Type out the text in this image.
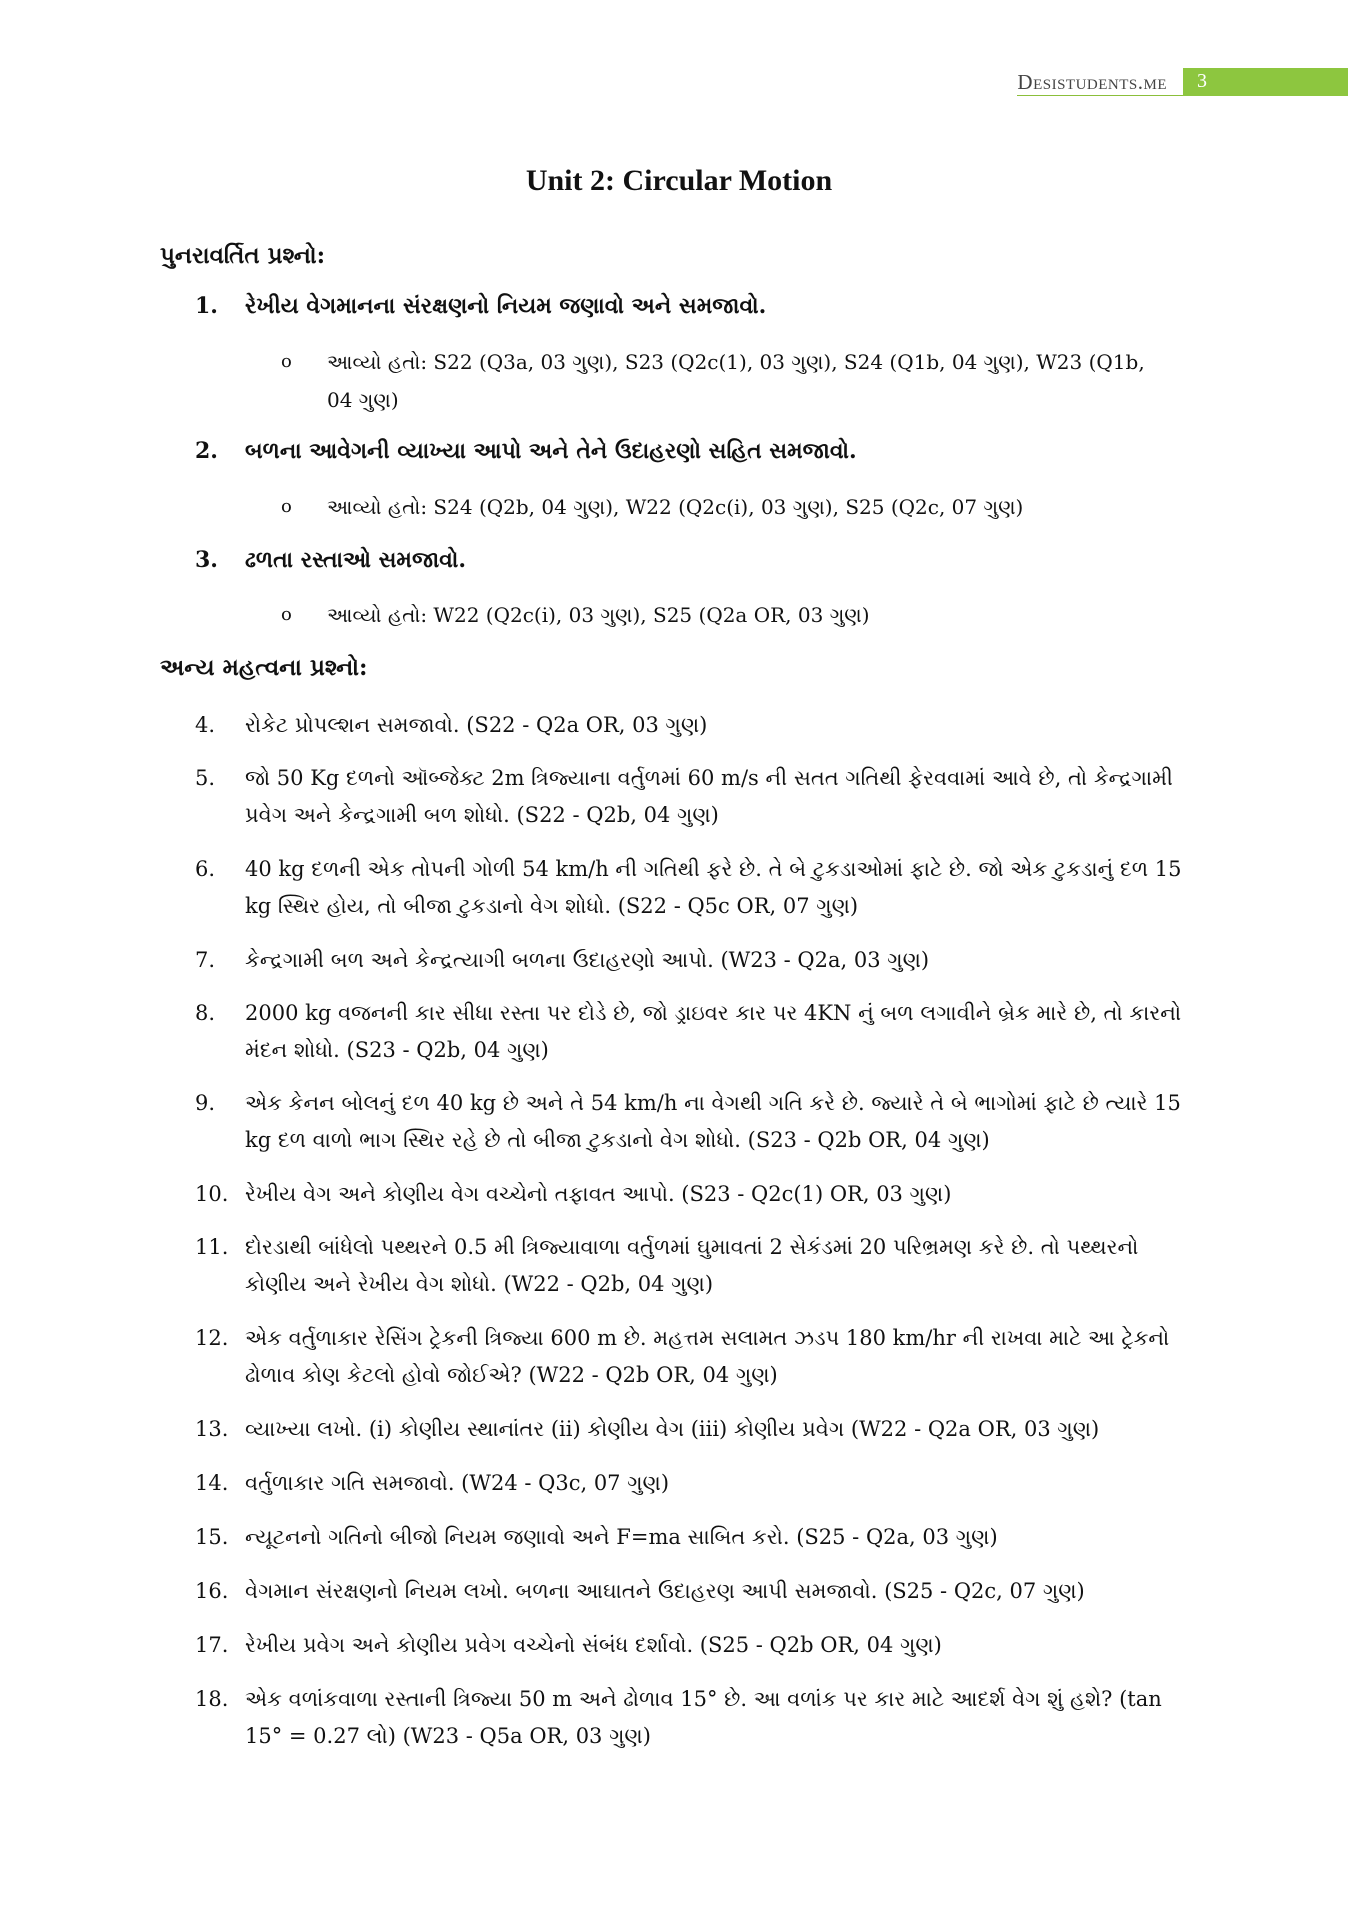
Desistudents.me	3
Unit 2: Circular Motion
પુનરાવર્તિત પ્રશ્નો:
1.	રેખીય વેગમાનના સંરક્ષણનો નિયમ જણાવો અને સમજાવો.
o આવ્યો હતો: S22 (Q3a, 03 ગુણ), S23 (Q2c(1), 03 ગુણ), S24 (Q1b, 04 ગુણ), W23 (Q1b, 04 ગુણ)
2.	બળના આવેગની વ્યાખ્યા આપો અને તેને ઉદાહરણો સહિત સમજાવો.
o આવ્યો હતો: S24 (Q2b, 04 ગુણ), W22 (Q2c(i), 03 ગુણ), S25 (Q2c, 07 ગુણ)
3.	ઢળતા રસ્તાઓ સમજાવો.
o આવ્યો હતો: W22 (Q2c(i), 03 ગુણ), S25 (Q2a OR, 03 ગુણ)
અન્ય મહત્વના પ્રશ્નો:
4.	રોકેટ પ્રોપલ્શન સમજાવો. (S22 - Q2a OR, 03 ગુણ)
5.	જો 50 Kg દળનો ઑબ્જેક્ટ 2m ત્રિજ્યાના વર્તુળમાં 60 m/s ની સતત ગતિથી ફેરવવામાં આવે છે, તો કેન્દ્રગામી પ્રવેગ અને કેન્દ્રગામી બળ શોધો. (S22 - Q2b, 04 ગુણ)
6.	40 kg દળની એક તોપની ગોળી 54 km/h ની ગતિથી ફરે છે. તે બે ટુકડાઓમાં ફાટે છે. જો એક ટુકડાનું દળ 15 kg સ્થિર હોય, તો બીજા ટુકડાનો વેગ શોધો. (S22 - Q5c OR, 07 ગુણ)
7.	કેન્દ્રગામી બળ અને કેન્દ્રત્યાગી બળના ઉદાહરણો આપો. (W23 - Q2a, 03 ગુણ)
8.	2000 kg વજનની કાર સીધા રસ્તા પર દોડે છે, જો ડ્રાઇવર કાર પર 4KN નું બળ લગાવીને બ્રેક મારે છે, તો કારનો મંદન શોધો. (S23 - Q2b, 04 ગુણ)
9.	એક કેનન બોલનું દળ 40 kg છે અને તે 54 km/h ના વેગથી ગતિ કરે છે. જ્યારે તે બે ભાગોમાં ફાટે છે ત્યારે 15 kg દળ વાળો ભાગ સ્થિર રહે છે તો બીજા ટુકડાનો વેગ શોધો. (S23 - Q2b OR, 04 ગુણ)
10. રેખીય વેગ અને કોણીય વેગ વચ્ચેનો તફાવત આપો. (S23 - Q2c(1) OR, 03 ગુણ)
11. દોરડાથી બાંધેલો પથ્થરને 0.5 મી ત્રિજ્યાવાળા વર્તુળમાં ઘુમાવતાં 2 સેકંડમાં 20 પરિભ્રમણ કરે છે. તો પથ્થરનો કોણીય અને રેખીય વેગ શોધો. (W22 - Q2b, 04 ગુણ)
12. એક વર્તુળાકાર રેસિંગ ટ્રેકની ત્રિજ્યા 600 m છે. મહત્તમ સલામત ઝડપ 180 km/hr ની રાખવા માટે આ ટ્રેકનો ઢોળાવ કોણ કેટલો હોવો જોઈએ? (W22 - Q2b OR, 04 ગુણ)
13. વ્યાખ્યા લખો. (i) કોણીય સ્થાનાંતર (ii) કોણીય વેગ (iii) કોણીય પ્રવેગ (W22 - Q2a OR, 03 ગુણ)
14. વર્તુળાકાર ગતિ સમજાવો. (W24 - Q3c, 07 ગુણ)
15. ન્યૂટનનો ગતિનો બીજો નિયમ જણાવો અને F=ma સાબિત કરો. (S25 - Q2a, 03 ગુણ)
16. વેગમાન સંરક્ષણનો નિયમ લખો. બળના આઘાતને ઉદાહરણ આપી સમજાવો. (S25 - Q2c, 07 ગુણ)
17. રેખીય પ્રવેગ અને કોણીય પ્રવેગ વચ્ચેનો સંબંધ દર્શાવો. (S25 - Q2b OR, 04 ગુણ)
18. એક વળાંકવાળા રસ્તાની ત્રિજ્યા 50 m અને ઢોળાવ 15° છે. આ વળાંક પર કાર માટે આદર્શ વેગ શું હશે? (tan 15° = 0.27 લો) (W23 - Q5a OR, 03 ગુણ)
